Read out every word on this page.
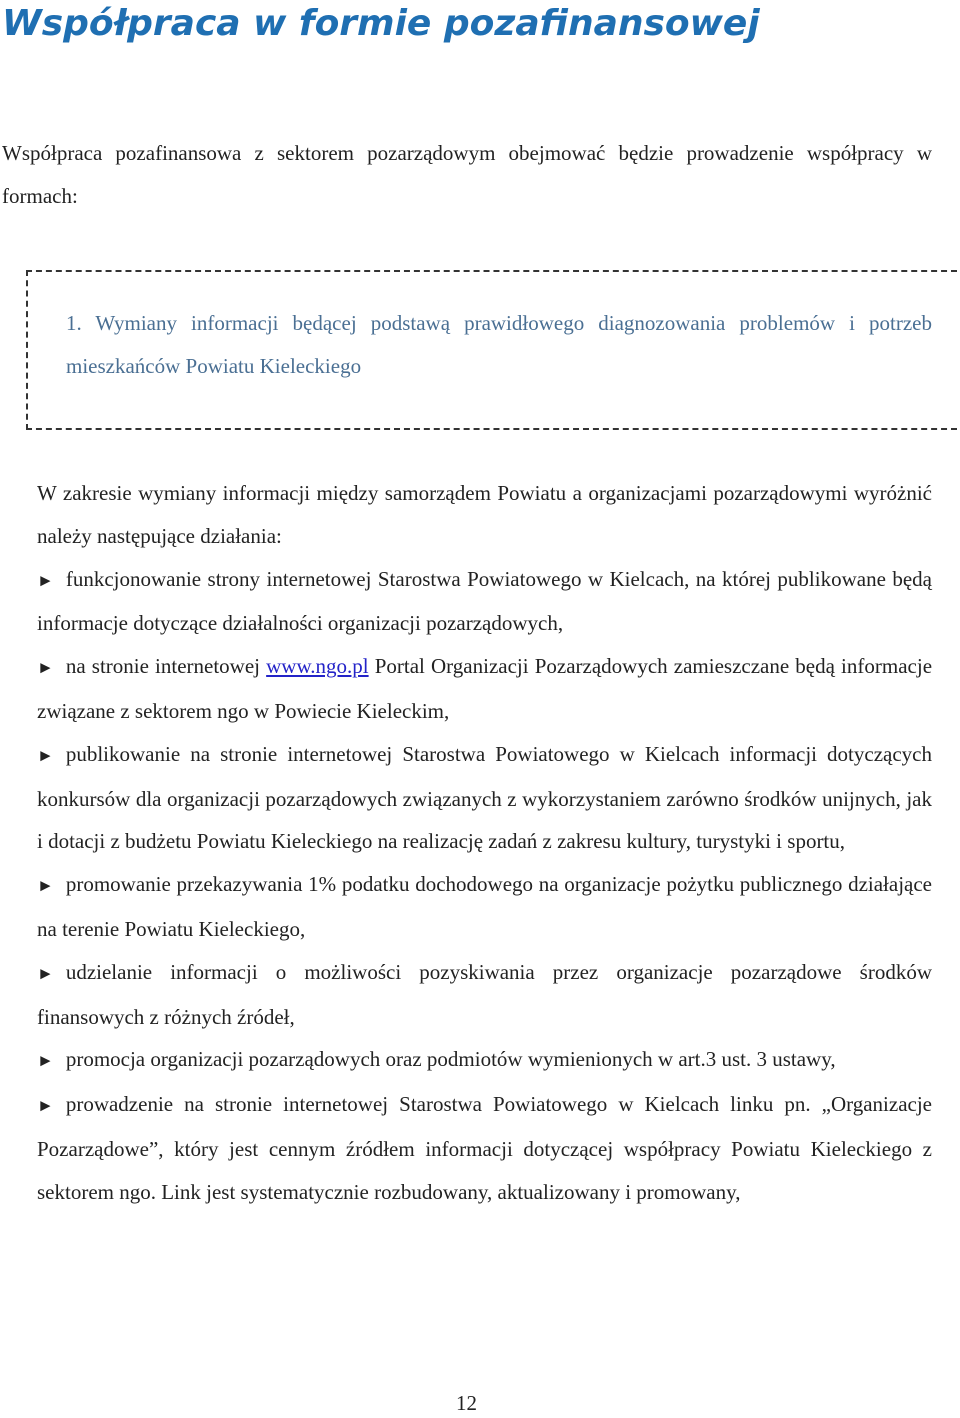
Współpraca w formie pozafinansowej

Współpraca pozafinansowa z sektorem pozarządowym obejmować będzie prowadzenie współpracy w formach:

1. Wymiany informacji będącej podstawą prawidłowego diagnozowania problemów i potrzeb mieszkańców Powiatu Kieleckiego

W zakresie wymiany informacji między samorządem Powiatu a organizacjami pozarządowymi wyróżnić należy następujące działania:

► funkcjonowanie strony internetowej Starostwa Powiatowego w Kielcach, na której publikowane będą informacje dotyczące działalności organizacji pozarządowych,

► na stronie internetowej www.ngo.pl Portal Organizacji Pozarządowych zamieszczane będą informacje związane z sektorem ngo w Powiecie Kieleckim,

► publikowanie na stronie internetowej Starostwa Powiatowego w Kielcach informacji dotyczących konkursów dla organizacji pozarządowych związanych z wykorzystaniem zarówno środków unijnych, jak i dotacji z budżetu Powiatu Kieleckiego na realizację zadań z zakresu kultury, turystyki i sportu,

► promowanie przekazywania 1% podatku dochodowego na organizacje pożytku publicznego działające na terenie Powiatu Kieleckiego,

► udzielanie informacji o możliwości pozyskiwania przez organizacje pozarządowe środków finansowych z różnych źródeł,

► promocja organizacji pozarządowych oraz podmiotów wymienionych w art.3 ust. 3 ustawy,

► prowadzenie na stronie internetowej Starostwa Powiatowego w Kielcach linku pn. „Organizacje Pozarządowe”, który jest cennym źródłem informacji dotyczącej współpracy Powiatu Kieleckiego z sektorem ngo. Link jest systematycznie rozbudowany, aktualizowany i promowany,

12
